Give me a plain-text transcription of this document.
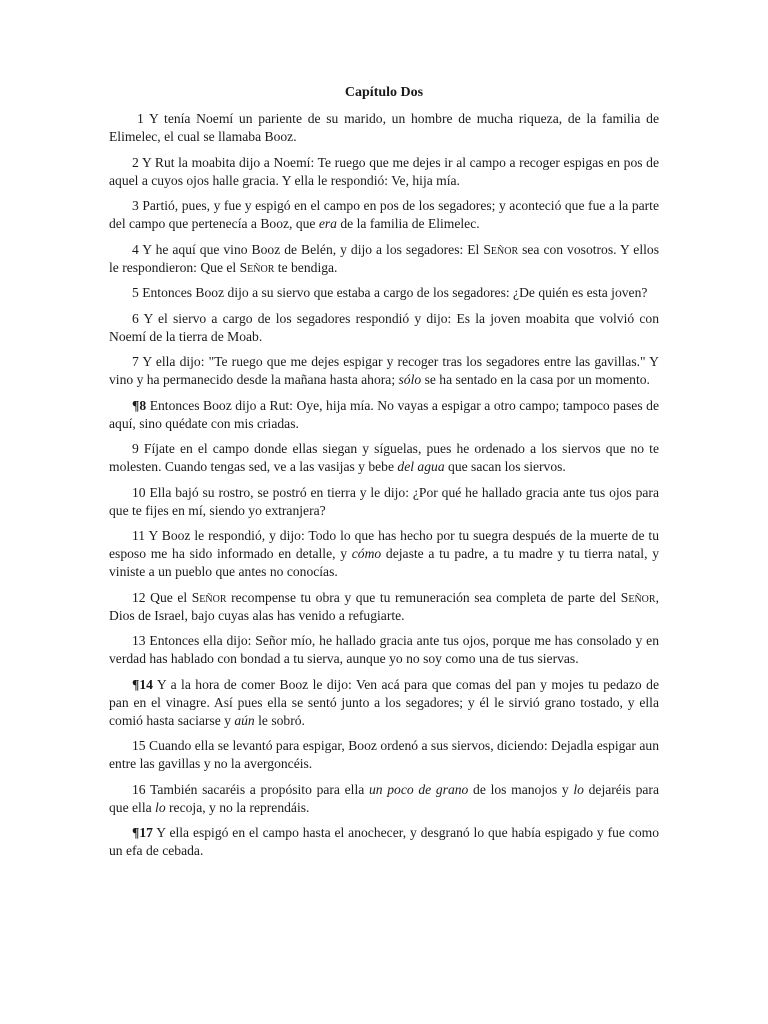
Capítulo Dos

1 Y tenía Noemí un pariente de su marido, un hombre de mucha riqueza, de la familia de Elimelec, el cual se llamaba Booz.

2 Y Rut la moabita dijo a Noemí: Te ruego que me dejes ir al campo a recoger espigas en pos de aquel a cuyos ojos halle gracia. Y ella le respondió: Ve, hija mía.

3 Partió, pues, y fue y espigó en el campo en pos de los segadores; y aconteció que fue a la parte del campo que pertenecía a Booz, que era de la familia de Elimelec.

4 Y he aquí que vino Booz de Belén, y dijo a los segadores: El Señor sea con vosotros. Y ellos le respondieron: Que el Señor te bendiga.

5 Entonces Booz dijo a su siervo que estaba a cargo de los segadores: ¿De quién es esta joven?

6 Y el siervo a cargo de los segadores respondió y dijo: Es la joven moabita que volvió con Noemí de la tierra de Moab.

7 Y ella dijo: "Te ruego que me dejes espigar y recoger tras los segadores entre las gavillas." Y vino y ha permanecido desde la mañana hasta ahora; sólo se ha sentado en la casa por un momento.

¶8 Entonces Booz dijo a Rut: Oye, hija mía. No vayas a espigar a otro campo; tampoco pases de aquí, sino quédate con mis criadas.

9 Fíjate en el campo donde ellas siegan y síguelas, pues he ordenado a los siervos que no te molesten. Cuando tengas sed, ve a las vasijas y bebe del agua que sacan los siervos.

10 Ella bajó su rostro, se postró en tierra y le dijo: ¿Por qué he hallado gracia ante tus ojos para que te fijes en mí, siendo yo extranjera?

11 Y Booz le respondió, y dijo: Todo lo que has hecho por tu suegra después de la muerte de tu esposo me ha sido informado en detalle, y cómo dejaste a tu padre, a tu madre y tu tierra natal, y viniste a un pueblo que antes no conocías.

12 Que el Señor recompense tu obra y que tu remuneración sea completa de parte del Señor, Dios de Israel, bajo cuyas alas has venido a refugiarte.

13 Entonces ella dijo: Señor mío, he hallado gracia ante tus ojos, porque me has consolado y en verdad has hablado con bondad a tu sierva, aunque yo no soy como una de tus siervas.

¶14 Y a la hora de comer Booz le dijo: Ven acá para que comas del pan y mojes tu pedazo de pan en el vinagre. Así pues ella se sentó junto a los segadores; y él le sirvió grano tostado, y ella comió hasta saciarse y aún le sobró.

15 Cuando ella se levantó para espigar, Booz ordenó a sus siervos, diciendo: Dejadla espigar aun entre las gavillas y no la avergoncéis.

16 También sacaréis a propósito para ella un poco de grano de los manojos y lo dejaréis para que ella lo recoja, y no la reprendáis.

¶17 Y ella espigó en el campo hasta el anochecer, y desgranó lo que había espigado y fue como un efa de cebada.
